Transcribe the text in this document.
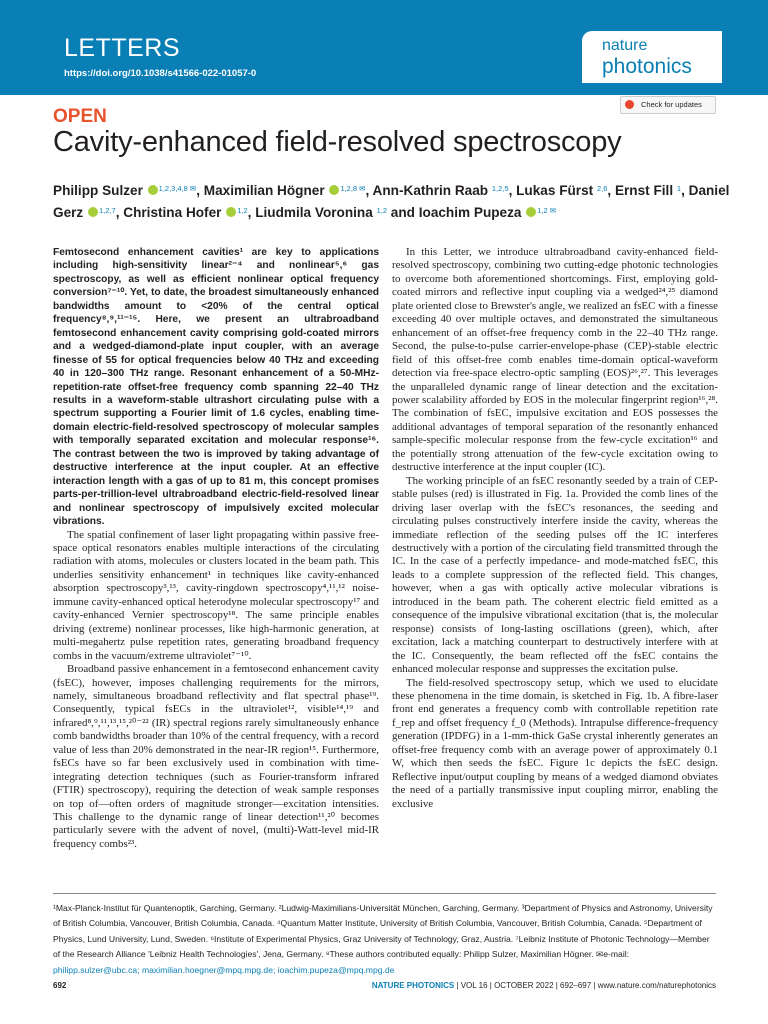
LETTERS
https://doi.org/10.1038/s41566-022-01057-0
nature
photonics
Check for updates
OPEN
Cavity-enhanced field-resolved spectroscopy
Philipp Sulzer $^{1,2,3,4,8 ✉}$, Maximilian Högner $^{1,2,8 ✉}$, Ann-Kathrin Raab $^{1,2,5}$, Lukas Fürst $^{2,6}$, Ernst Fill $^1$, Daniel Gerz $^{1,2,7}$, Christina Hofer $^{1,2}$, Liudmila Voronina $^{1,2}$ and Ioachim Pupeza $^{1,2 ✉}$

Femtosecond enhancement cavities¹ are key to applications including high-sensitivity linear²⁻⁴ and nonlinear⁵,⁶ gas spectroscopy, as well as efficient nonlinear optical frequency conversion⁷⁻¹⁰. Yet, to date, the broadest simultaneously enhanced bandwidths amount to <20% of the central optical frequency⁸,⁹,¹¹⁻¹⁵. Here, we present an ultrabroadband femtosecond enhancement cavity comprising gold-coated mirrors and a wedged-diamond-plate input coupler, with an average finesse of 55 for optical frequencies below 40 THz and exceeding 40 in 120–300 THz range. Resonant enhancement of a 50-MHz-repetition-rate offset-free frequency comb spanning 22–40 THz results in a waveform-stable ultrashort circulating pulse with a spectrum supporting a Fourier limit of 1.6 cycles, enabling time-domain electric-field-resolved spectroscopy of molecular samples with temporally separated excitation and molecular response¹⁶. The contrast between the two is improved by taking advantage of destructive interference at the input coupler. At an effective interaction length with a gas of up to 81 m, this concept promises parts-per-trillion-level ultrabroadband electric-field-resolved linear and nonlinear spectroscopy of impulsively excited molecular vibrations.

The spatial confinement of laser light propagating within passive free-space optical resonators enables multiple interactions of the circulating radiation with atoms, molecules or clusters located in the beam path. This underlies sensitivity enhancement¹ in techniques like cavity-enhanced absorption spectroscopy³,¹³, cavity-ringdown spectroscopy⁴,¹¹,¹² noise-immune cavity-enhanced optical heterodyne molecular spectroscopy¹⁷ and cavity-enhanced Vernier spectroscopy¹⁸. The same principle enables driving (extreme) nonlinear processes, like high-harmonic generation, at multi-megahertz pulse repetition rates, generating broadband frequency combs in the vacuum/extreme ultraviolet⁷⁻¹⁰.

Broadband passive enhancement in a femtosecond enhancement cavity (fsEC), however, imposes challenging requirements for the mirrors, namely, simultaneous broadband reflectivity and flat spectral phase¹⁹. Consequently, typical fsECs in the ultraviolet¹², visible¹⁴,¹⁹ and infrared⁸,⁹,¹¹,¹³,¹⁵,²⁰⁻²² (IR) spectral regions rarely simultaneously enhance comb bandwidths broader than 10% of the central frequency, with a record value of less than 20% demonstrated in the near-IR region¹⁵. Furthermore, fsECs have so far been exclusively used in combination with time-integrating detection techniques (such as Fourier-transform infrared (FTIR) spectroscopy), requiring the detection of weak sample responses on top of—often orders of magnitude stronger—excitation intensities. This challenge to the dynamic range of linear detection¹¹,²⁰ becomes particularly severe with the advent of novel, (multi)-Watt-level mid-IR frequency combs²³.

In this Letter, we introduce ultrabroadband cavity-enhanced field-resolved spectroscopy, combining two cutting-edge photonic technologies to overcome both aforementioned shortcomings. First, employing gold-coated mirrors and reflective input coupling via a wedged²⁴,²⁵ diamond plate oriented close to Brewster's angle, we realized an fsEC with a finesse exceeding 40 over multiple octaves, and demonstrated the simultaneous enhancement of an offset-free frequency comb in the 22–40 THz range. Second, the pulse-to-pulse carrier-envelope-phase (CEP)-stable electric field of this offset-free comb enables time-domain optical-waveform detection via free-space electro-optic sampling (EOS)²⁶,²⁷. This leverages the unparalleled dynamic range of linear detection and the excitation-power scalability afforded by EOS in the molecular fingerprint region¹⁶,²⁸. The combination of fsEC, impulsive excitation and EOS possesses the additional advantages of temporal separation of the resonantly enhanced sample-specific molecular response from the few-cycle excitation¹⁶ and the potentially strong attenuation of the few-cycle excitation owing to destructive interference at the input coupler (IC).

The working principle of an fsEC resonantly seeded by a train of CEP-stable pulses (red) is illustrated in Fig. 1a. Provided the comb lines of the driving laser overlap with the fsEC's resonances, the seeding and circulating pulses constructively interfere inside the cavity, whereas the immediate reflection of the seeding pulses off the IC interferes destructively with a portion of the circulating field transmitted through the IC. In the case of a perfectly impedance- and mode-matched fsEC, this leads to a complete suppression of the reflected field. This changes, however, when a gas with optically active molecular vibrations is introduced in the beam path. The coherent electric field emitted as a consequence of the impulsive vibrational excitation (that is, the molecular response) consists of long-lasting oscillations (green), which, after excitation, lack a matching counterpart to destructively interfere with at the IC. Consequently, the beam reflected off the fsEC contains the enhanced molecular response and suppresses the excitation pulse.

The field-resolved spectroscopy setup, which we used to elucidate these phenomena in the time domain, is sketched in Fig. 1b. A fibre-laser front end generates a frequency comb with controllable repetition rate f_rep and offset frequency f_0 (Methods). Intrapulse difference-frequency generation (IPDFG) in a 1-mm-thick GaSe crystal inherently generates an offset-free frequency comb with an average power of approximately 0.1 W, which then seeds the fsEC. Figure 1c depicts the fsEC design. Reflective input/output coupling by means of a wedged diamond obviates the need of a partially transmissive input coupling mirror, enabling the exclusive

¹Max-Planck-Institut für Quantenoptik, Garching, Germany. ²Ludwig-Maximilians-Universität München, Garching, Germany. ³Department of Physics and Astronomy, University of British Columbia, Vancouver, British Columbia, Canada. ⁴Quantum Matter Institute, University of British Columbia, Vancouver, British Columbia, Canada. ⁵Department of Physics, Lund University, Lund, Sweden. ⁶Institute of Experimental Physics, Graz University of Technology, Graz, Austria. ⁷Leibniz Institute of Photonic Technology—Member of the Research Alliance 'Leibniz Health Technologies', Jena, Germany. ⁸These authors contributed equally: Philipp Sulzer, Maximilian Högner. ✉e-mail: philipp.sulzer@ubc.ca; maximilian.hoegner@mpq.mpg.de; ioachim.pupeza@mpq.mpg.de
692	NATURE PHOTONICS | VOL 16 | OCTOBER 2022 | 692–697 | www.nature.com/naturephotonics
